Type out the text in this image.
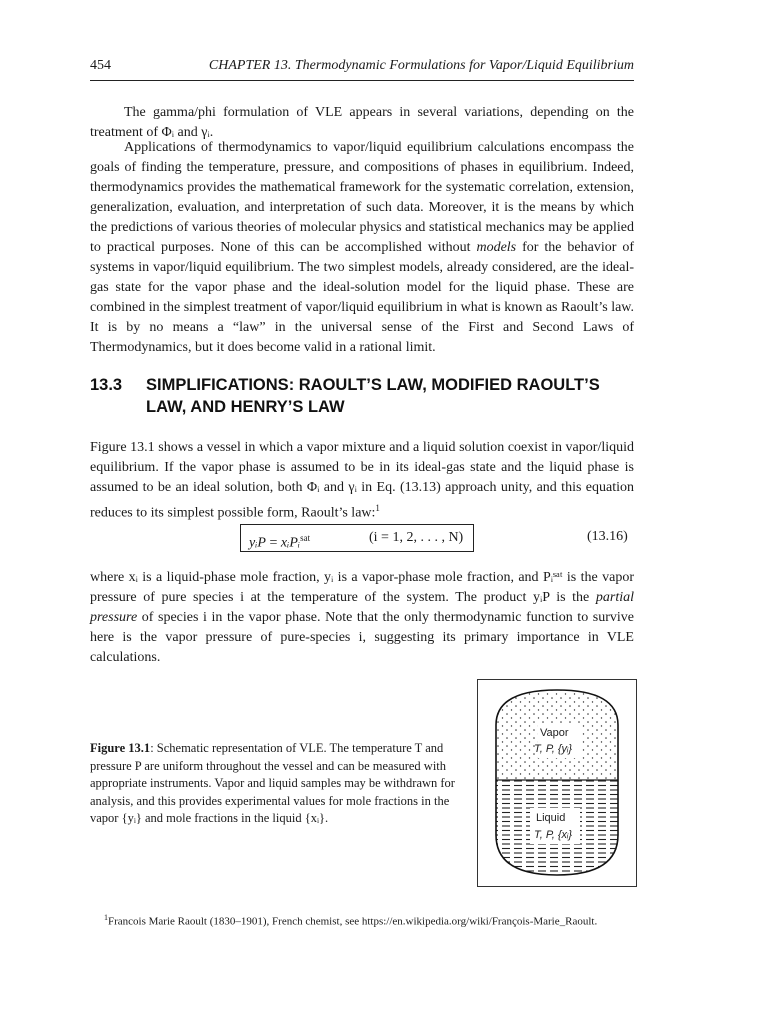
454	CHAPTER 13. Thermodynamic Formulations for Vapor/Liquid Equilibrium

The gamma/phi formulation of VLE appears in several variations, depending on the treatment of Φᵢ and γᵢ.

Applications of thermodynamics to vapor/liquid equilibrium calculations encompass the goals of finding the temperature, pressure, and compositions of phases in equilibrium. Indeed, thermodynamics provides the mathematical framework for the systematic correlation, extension, generalization, evaluation, and interpretation of such data. Moreover, it is the means by which the predictions of various theories of molecular physics and statistical mechanics may be applied to practical purposes. None of this can be accomplished without models for the behavior of systems in vapor/liquid equilibrium. The two simplest models, already considered, are the ideal-gas state for the vapor phase and the ideal-solution model for the liquid phase. These are combined in the simplest treatment of vapor/liquid equilibrium in what is known as Raoult’s law. It is by no means a “law” in the universal sense of the First and Second Laws of Thermodynamics, but it does become valid in a rational limit.

13.3 SIMPLIFICATIONS: RAOULT’S LAW, MODIFIED RAOULT’S
LAW, AND HENRY’S LAW

Figure 13.1 shows a vessel in which a vapor mixture and a liquid solution coexist in vapor/liquid equilibrium. If the vapor phase is assumed to be in its ideal-gas state and the liquid phase is assumed to be an ideal solution, both Φᵢ and γᵢ in Eq. (13.13) approach unity, and this equation reduces to its simplest possible form, Raoult’s law:$^1$

yᵢP = xᵢPᵢ$^{sat}$	(i = 1, 2, . . . , N)	(13.16)

where xᵢ is a liquid-phase mole fraction, yᵢ is a vapor-phase mole fraction, and Pᵢˢᵃᵗ is the vapor pressure of pure species i at the temperature of the system. The product yᵢP is the partial pressure of species i in the vapor phase. Note that the only thermodynamic function to survive here is the vapor pressure of pure-species i, suggesting its primary importance in VLE calculations.

Figure 13.1: Schematic representation of VLE. The temperature T and pressure P are uniform throughout the vessel and can be measured with appropriate instruments. Vapor and liquid samples may be withdrawn for analysis, and this provides experimental values for mole fractions in the vapor {yᵢ} and mole fractions in the liquid {xᵢ}.

Vapor
T, P, {yᵢ}
Liquid
T, P, {xᵢ}
$^1$Francois Marie Raoult (1830–1901), French chemist, see https://en.wikipedia.org/wiki/François-Marie_Raoult.
